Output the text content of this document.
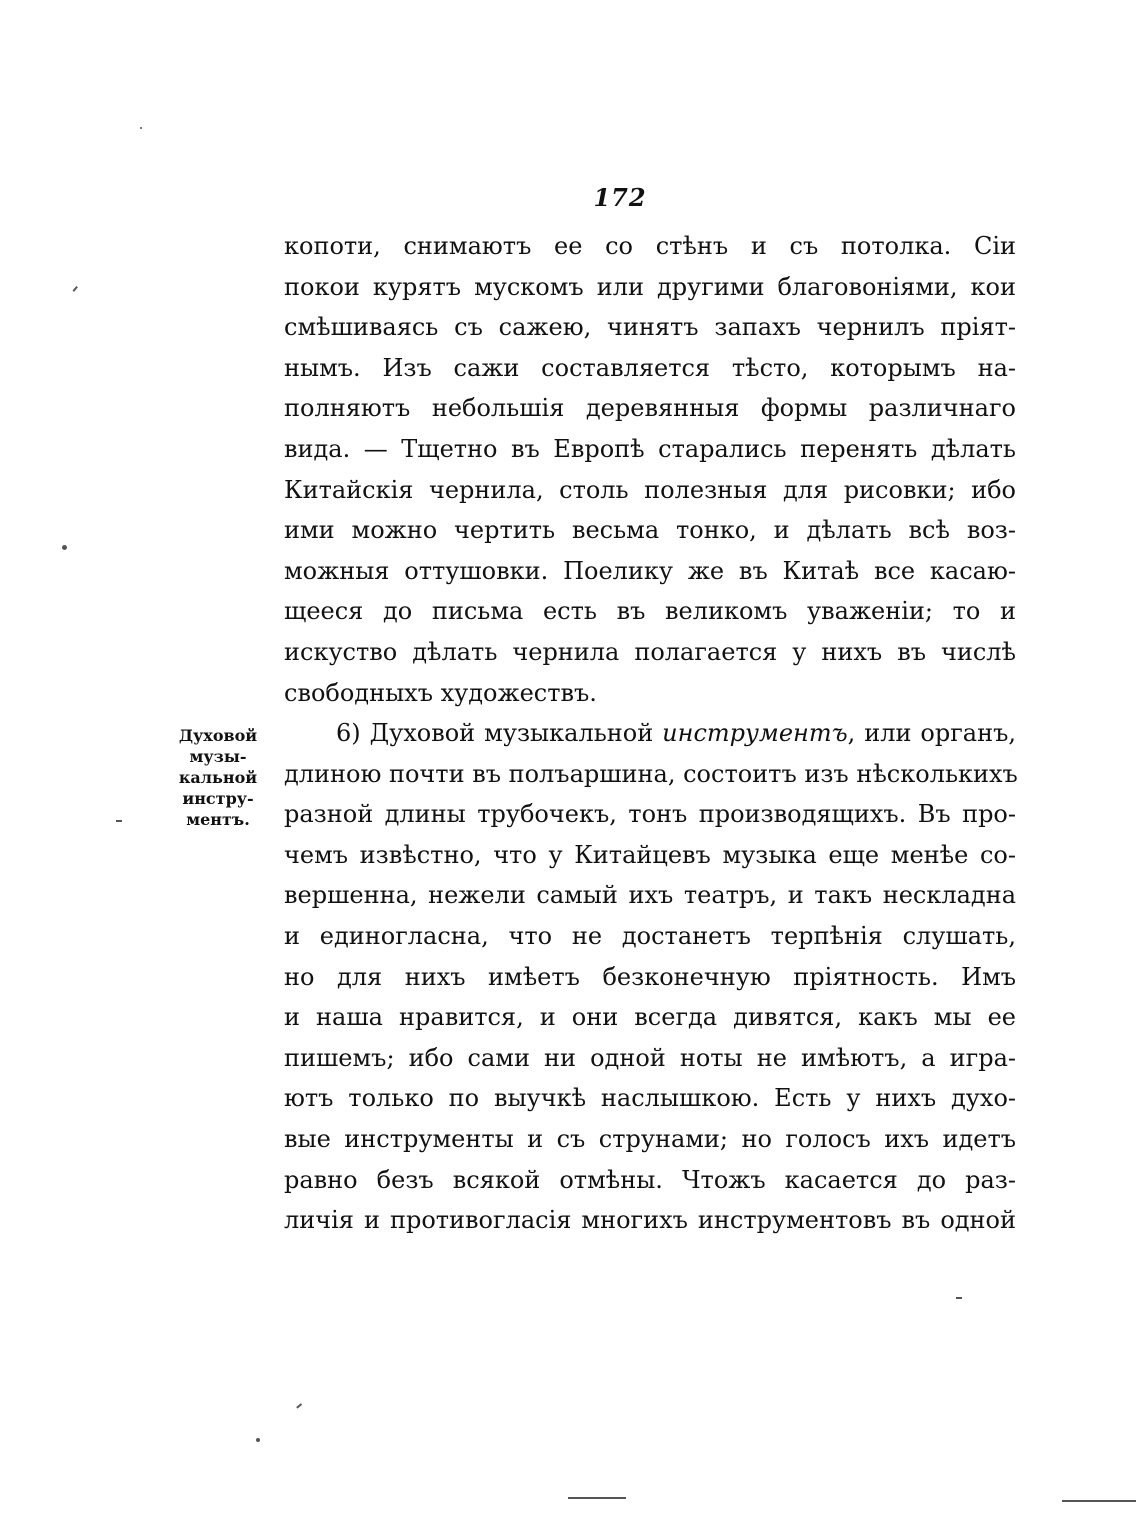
172
копоти, снимаютъ ее со стѣнъ и съ потолка. Сіи
покои курятъ мускомъ или другими благовоніями, кои
смѣшиваясь съ сажею, чинятъ запахъ чернилъ пріят-
нымъ. Изъ сажи составляется тѣсто, которымъ на-
полняютъ небольшія деревянныя формы различнаго
вида. — Тщетно въ Европѣ старались перенять дѣлать
Китайскія чернила, столь полезныя для рисовки; ибо
ими можно чертить весьма тонко, и дѣлать всѣ воз-
можныя оттушовки. Поелику же въ Китаѣ все касаю-
щееся до письма есть въ великомъ уваженіи; то и
искуство дѣлать чернила полагается у нихъ въ числѣ
свободныхъ художествъ.
Духовой
музы-
кальной
инстру-
ментъ.
6) Духовой музыкальной инструментъ, или органъ,
длиною почти въ полъаршина, состоитъ изъ нѣсколькихъ
разной длины трубочекъ, тонъ производящихъ. Въ про-
чемъ извѣстно, что у Китайцевъ музыка еще менѣе со-
вершенна, нежели самый ихъ театръ, и такъ нескладна
и единогласна, что не достанетъ терпѣнія слушать,
но для нихъ имѣетъ безконечную пріятность. Имъ
и наша нравится, и они всегда дивятся, какъ мы ее
пишемъ; ибо сами ни одной ноты не имѣютъ, а игра-
ютъ только по выучкѣ наслышкою. Есть у нихъ духо-
вые инструменты и съ струнами; но голосъ ихъ идетъ
равно безъ всякой отмѣны. Чтожъ касается до раз-
личія и противогласія многихъ инструментовъ въ одной
